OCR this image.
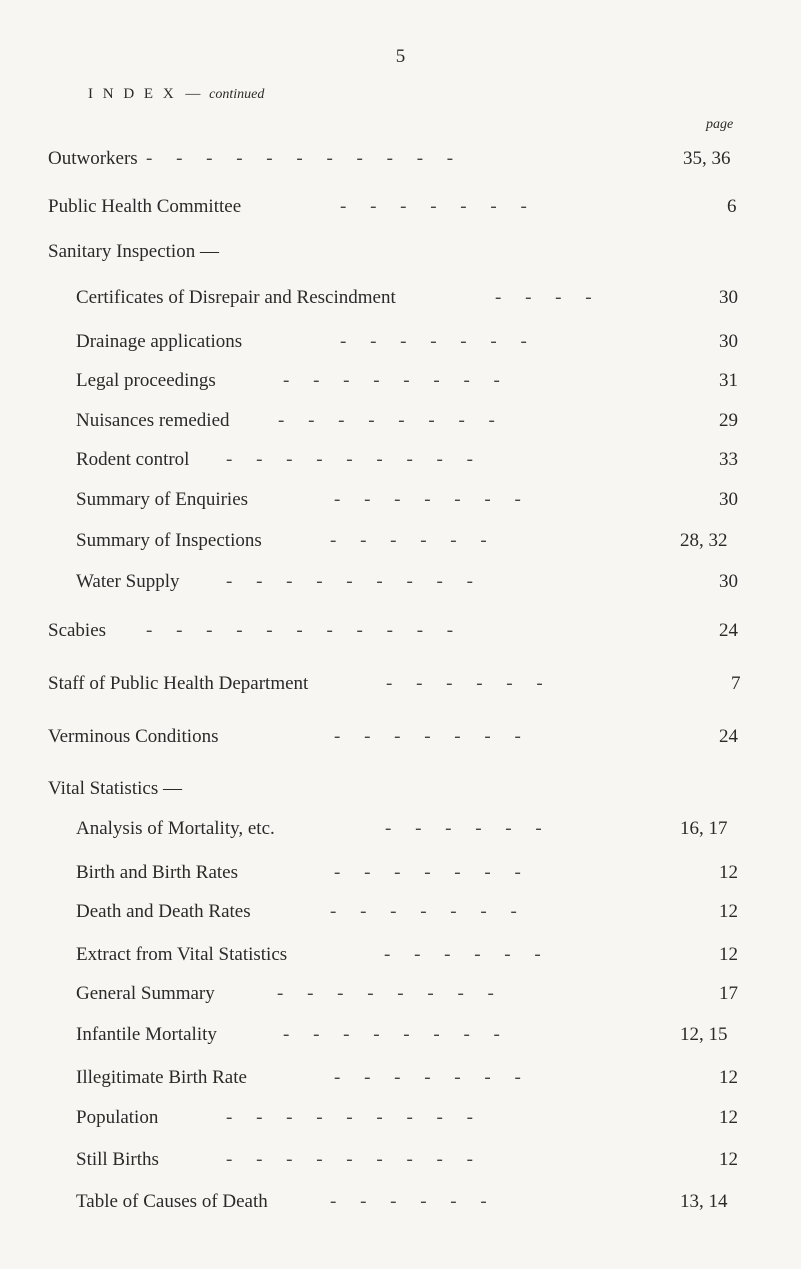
5
I N D E X — continued
page
Outworkers -     -     -     -     -     -     -     -     -     -     -	35, 36
Public Health Committee	-     -     -     -     -     -     -	6
Sanitary Inspection —
Certificates of Disrepair and Rescindment	-     -     -     -	30
Drainage applications	-     -     -     -     -     -     -	30
Legal proceedings	-     -     -     -     -     -     -     -	31
Nuisances remedied	-     -     -     -     -     -     -     -	29
Rodent control -     -     -     -     -     -     -     -     -	33
Summary of Enquiries	-     -     -     -     -     -     -	30
Summary of Inspections	-     -     -     -     -     -	28, 32
Water Supply -     -     -     -     -     -     -     -     -	30
Scabies -     -     -     -     -     -     -     -     -     -     -	24
Staff of Public Health Department	-     -     -     -     -     -	7
Verminous Conditions	-     -     -     -     -     -     -	24
Vital Statistics —
Analysis of Mortality, etc.	-     -     -     -     -     -	16, 17
Birth and Birth Rates	-     -     -     -     -     -     -	12
Death and Death Rates	-     -     -     -     -     -     -	12
Extract from Vital Statistics	-     -     -     -     -     -	12
General Summary	-     -     -     -     -     -     -     -	17
Infantile Mortality	-     -     -     -     -     -     -     -	12, 15
Illegitimate Birth Rate	-     -     -     -     -     -     -	12
Population	-     -     -     -     -     -     -     -     -	12
Still Births	-     -     -     -     -     -     -     -     -	12
Table of Causes of Death	-     -     -     -     -     -	13, 14
